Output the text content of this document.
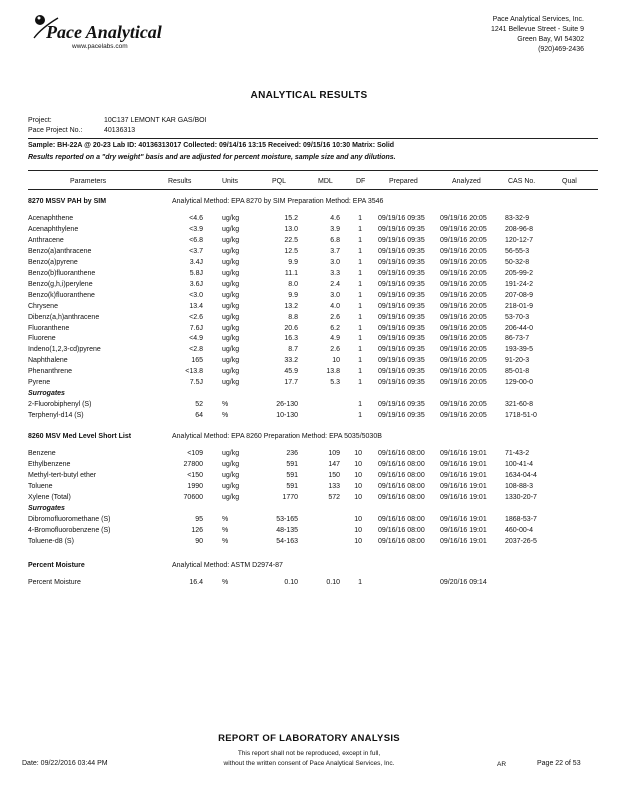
Pace Analytical
www.pacelabs.com
Pace Analytical Services, Inc.
1241 Bellevue Street - Suite 9
Green Bay, WI 54302
(920)469-2436
ANALYTICAL RESULTS
Project:	10C137 LEMONT KAR GAS/BOI
Pace Project No.:	40136313
Sample: BH-22A @ 20-23 Lab ID: 40136313017 Collected: 09/14/16 13:15 Received: 09/15/16 10:30 Matrix: Solid
Results reported on a "dry weight" basis and are adjusted for percent moisture, sample size and any dilutions.
Parameters	Results	Units	PQL	MDL	DF	Prepared	Analyzed	CAS No.	Qual
8270 MSSV PAH by SIM	Analytical Method: EPA 8270 by SIM Preparation Method: EPA 3546
Acenaphthene	<4.6	ug/kg	15.2	4.6	1 09/19/16 09:35 09/19/16 20:05	83-32-9
Acenaphthylene	<3.9	ug/kg	13.0	3.9	1 09/19/16 09:35 09/19/16 20:05	208-96-8
Anthracene	<6.8	ug/kg	22.5	6.8	1 09/19/16 09:35 09/19/16 20:05	120-12-7
Benzo(a)anthracene	<3.7	ug/kg	12.5	3.7	1 09/19/16 09:35 09/19/16 20:05	56-55-3
Benzo(a)pyrene	3.4J	ug/kg	9.9	3.0	1 09/19/16 09:35 09/19/16 20:05	50-32-8
Benzo(b)fluoranthene	5.8J	ug/kg	11.1	3.3	1 09/19/16 09:35 09/19/16 20:05	205-99-2
Benzo(g,h,i)perylene	3.6J	ug/kg	8.0	2.4	1 09/19/16 09:35 09/19/16 20:05	191-24-2
Benzo(k)fluoranthene	<3.0	ug/kg	9.9	3.0	1 09/19/16 09:35 09/19/16 20:05	207-08-9
Chrysene	13.4	ug/kg	13.2	4.0	1 09/19/16 09:35 09/19/16 20:05	218-01-9
Dibenz(a,h)anthracene	<2.6	ug/kg	8.8	2.6	1 09/19/16 09:35 09/19/16 20:05	53-70-3
Fluoranthene	7.6J	ug/kg	20.6	6.2	1 09/19/16 09:35 09/19/16 20:05	206-44-0
Fluorene	<4.9	ug/kg	16.3	4.9	1 09/19/16 09:35 09/19/16 20:05	86-73-7
Indeno(1,2,3-cd)pyrene	<2.8	ug/kg	8.7	2.6	1 09/19/16 09:35 09/19/16 20:05	193-39-5
Naphthalene	165	ug/kg	33.2	10	1 09/19/16 09:35 09/19/16 20:05	91-20-3
Phenanthrene	<13.8	ug/kg	45.9	13.8	1 09/19/16 09:35 09/19/16 20:05	85-01-8
Pyrene	7.5J	ug/kg	17.7	5.3	1 09/19/16 09:35 09/19/16 20:05	129-00-0
Surrogates
2-Fluorobiphenyl (S)	52	%	26-130	1 09/19/16 09:35 09/19/16 20:05	321-60-8
Terphenyl-d14 (S)	64	%	10-130	1 09/19/16 09:35 09/19/16 20:05	1718-51-0
8260 MSV Med Level Short List	Analytical Method: EPA 8260 Preparation Method: EPA 5035/5030B
Benzene	<109	ug/kg	236	109	10 09/16/16 08:00 09/16/16 19:01	71-43-2
Ethylbenzene	27800	ug/kg	591	147	10 09/16/16 08:00 09/16/16 19:01	100-41-4
Methyl-tert-butyl ether	<150	ug/kg	591	150	10 09/16/16 08:00 09/16/16 19:01	1634-04-4
Toluene	1990	ug/kg	591	133	10 09/16/16 08:00 09/16/16 19:01	108-88-3
Xylene (Total)	70600	ug/kg	1770	572	10 09/16/16 08:00 09/16/16 19:01	1330-20-7
Surrogates
Dibromofluoromethane (S)	95	%	53-165	10 09/16/16 08:00 09/16/16 19:01	1868-53-7
4-Bromofluorobenzene (S)	126	%	48-135	10 09/16/16 08:00 09/16/16 19:01	460-00-4
Toluene-d8 (S)	90	%	54-163	10 09/16/16 08:00 09/16/16 19:01	2037-26-5
Percent Moisture	Analytical Method: ASTM D2974-87
Percent Moisture	16.4	%	0.10	0.10	1	09/20/16 09:14
REPORT OF LABORATORY ANALYSIS
This report shall not be reproduced, except in full,
without the written consent of Pace Analytical Services, Inc.
Date: 09/22/2016 03:44 PM	AR	Page 22 of 53
